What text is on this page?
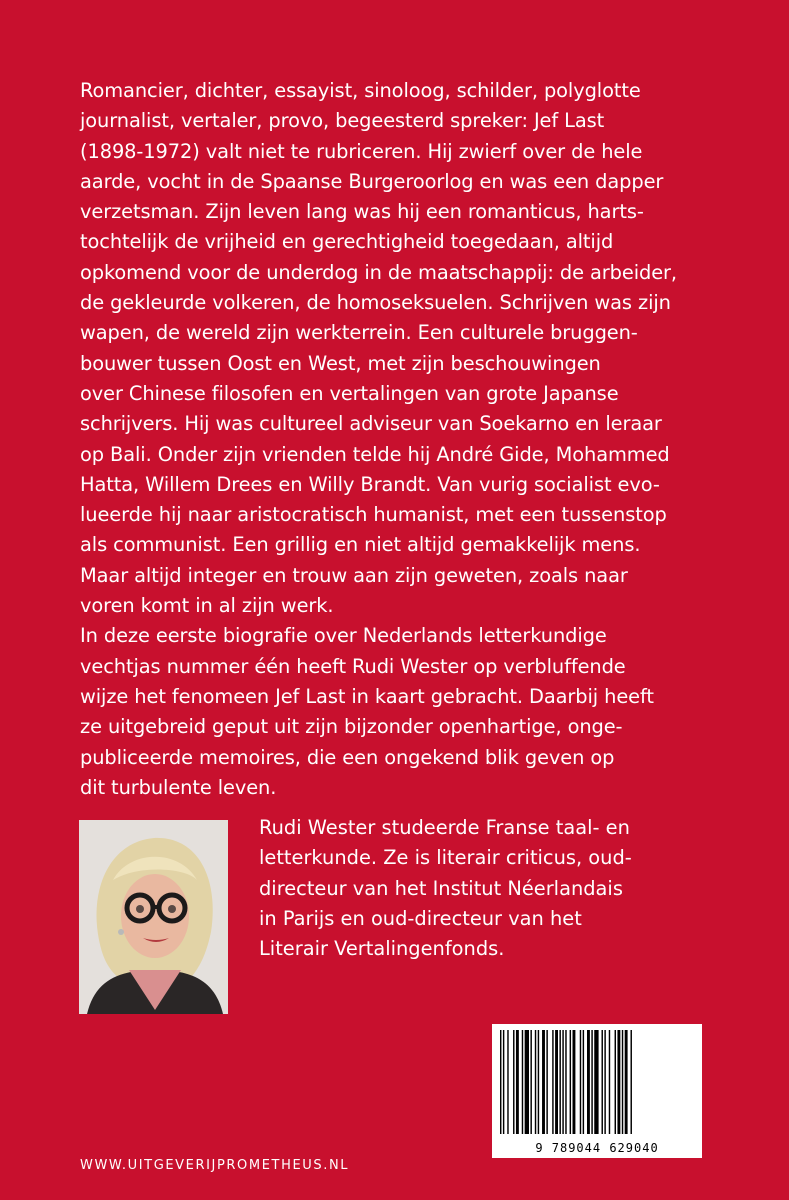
Romancier, dichter, essayist, sinoloog, schilder, polyglotte
journalist, vertaler, provo, begeesterd spreker: Jef Last
(1898-1972) valt niet te rubriceren. Hij zwierf over de hele
aarde, vocht in de Spaanse Burgeroorlog en was een dapper
verzetsman. Zijn leven lang was hij een romanticus, harts-
tochtelijk de vrijheid en gerechtigheid toegedaan, altijd
opkomend voor de underdog in de maatschappij: de arbeider,
de gekleurde volkeren, de homoseksuelen. Schrijven was zijn
wapen, de wereld zijn werkterrein. Een culturele bruggen-
bouwer tussen Oost en West, met zijn beschouwingen
over Chinese filosofen en vertalingen van grote Japanse
schrijvers. Hij was cultureel adviseur van Soekarno en leraar
op Bali. Onder zijn vrienden telde hij André Gide, Mohammed
Hatta, Willem Drees en Willy Brandt. Van vurig socialist evo-
lueerde hij naar aristocratisch humanist, met een tussenstop
als communist. Een grillig en niet altijd gemakkelijk mens.
Maar altijd integer en trouw aan zijn geweten, zoals naar
voren komt in al zijn werk.
In deze eerste biografie over Nederlands letterkundige
vechtjas nummer één heeft Rudi Wester op verbluffende
wijze het fenomeen Jef Last in kaart gebracht. Daarbij heeft
ze uitgebreid geput uit zijn bijzonder openhartige, onge-
publiceerde memoires, die een ongekend blik geven op
dit turbulente leven.
Rudi Wester studeerde Franse taal- en
letterkunde. Ze is literair criticus, oud-
directeur van het Institut Néerlandais
in Parijs en oud-directeur van het
Literair Vertalingenfonds.
WWW.UITGEVERIJPROMETHEUS.NL
9 789044 629040
